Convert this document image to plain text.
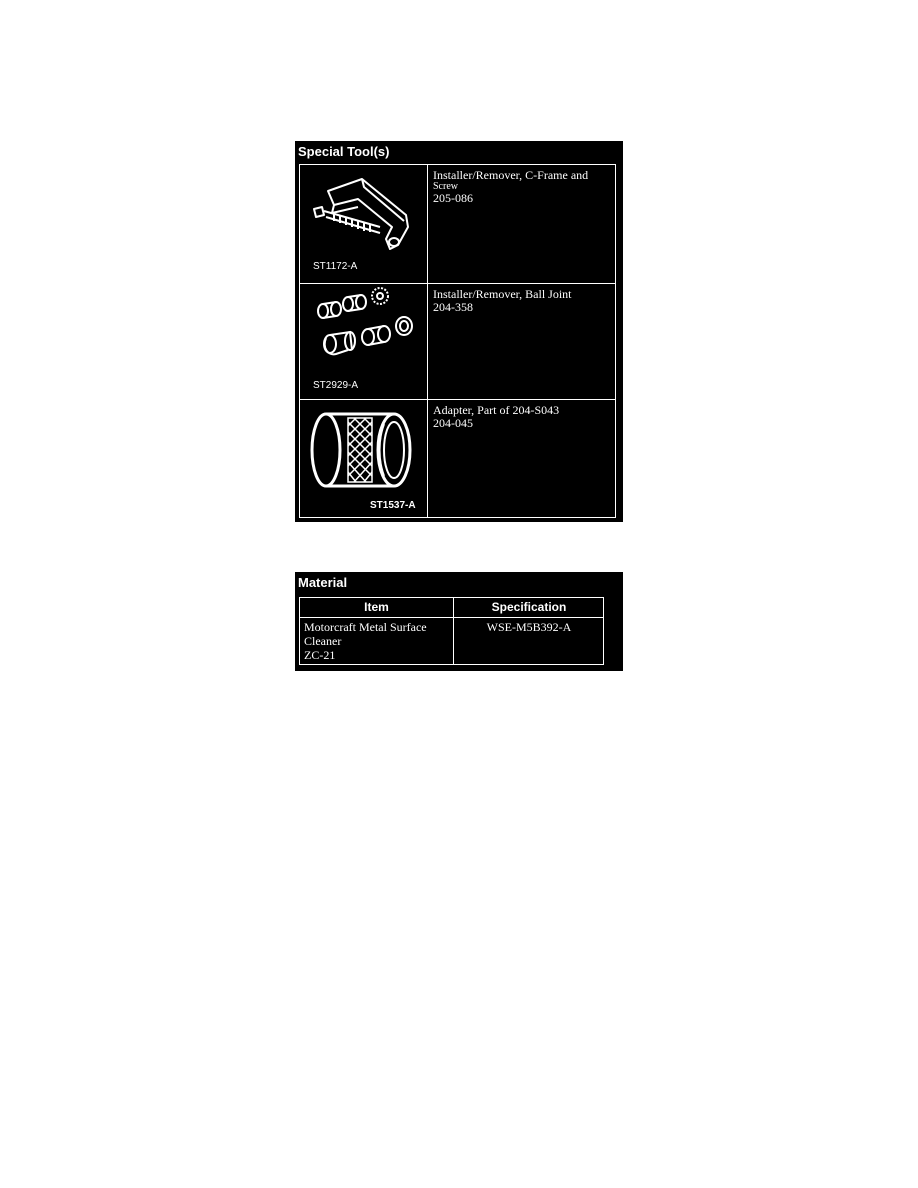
Special Tool(s)
ST1172-A
Installer/Remover, C-Frame and
Screw
205-086
ST2929-A
Installer/Remover, Ball Joint
204-358
ST1537-A
Adapter, Part of 204-S043
204-045
Material
Item	Specification
Motorcraft Metal Surface
Cleaner
ZC-21
WSE-M5B392-A
